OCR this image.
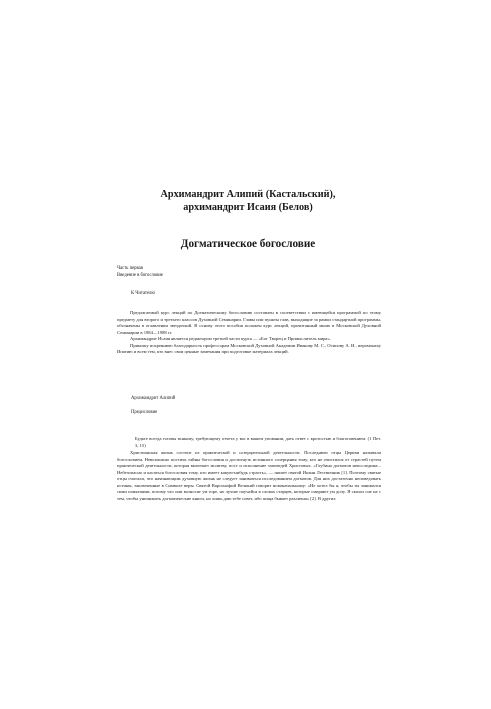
Архимандрит Алипий (Кастальский),
архимандрит Исаия (Белов)
Догматическое богословие
Часть первая
Введение в богословие
К Читателю

Предлагаемый курс лекций по Догматическому богословию составлен в соответствии с имеющейся программой по этому предмету для второго и третьего классов Духовной Семинарии. Главы или пункты глав, выходящие за рамки стандартной программы, обозначены в оглавлении звездочкой. В основу этого пособия положен курс лекций, прочитанный мною в Московской Духовной Семинарии в 1984—1988 гг.

Архимандрит Исаия является редактором третьей части курса — «Бог Творец и Промыслитель мира».

Приношу искреннюю благодарность профессорам Московской Духовной Академии Иванову М. С., Осипову А. И., иеромонаху Ипатию и всем тем, кто внес свои ценные замечания при подготовке материала лекций.

Архимандрит Алипий
Предисловие

Будьте всегда готовы всякому, требующему отчета у вас в вашем уповании, дать ответ с кротостью и благоговением. (1 Пет. 3, 15)

Христианская жизнь состоит из практической и созерцательной деятельности. Последнюю отцы Церкви называли богословием. Невозможно постичь тайны богословия и достигнуть истинного созерцания тому, кто не очистился от страстей путем практической деятельности, которая включает молитву, пост и исполнение заповедей Христовых. «Глубина догматов неисследима... Небезопасно и касаться богословия тому, кто имеет какую-нибудь страсть», — пишет святой Иоанн Лествичник [1]. Поэтому святые отцы считали, что начинающим духовную жизнь не следует заниматься исследованием догматов. Для них достаточно неповедовать истины, заключенные в Символе веры. Святой Варсонофий Великий говорит новоначальному: «Не хотел бы я, чтобы ты занимался сими понятиями, потому что они возносят ум горе, но лучше поучайся в словах старцев, которые смиряют ум долу. Я сказал сие не с тем, чтобы уничижить догматические книги, но лишь даю тебе совет, ибо пища бывает различна» [2]. В других
